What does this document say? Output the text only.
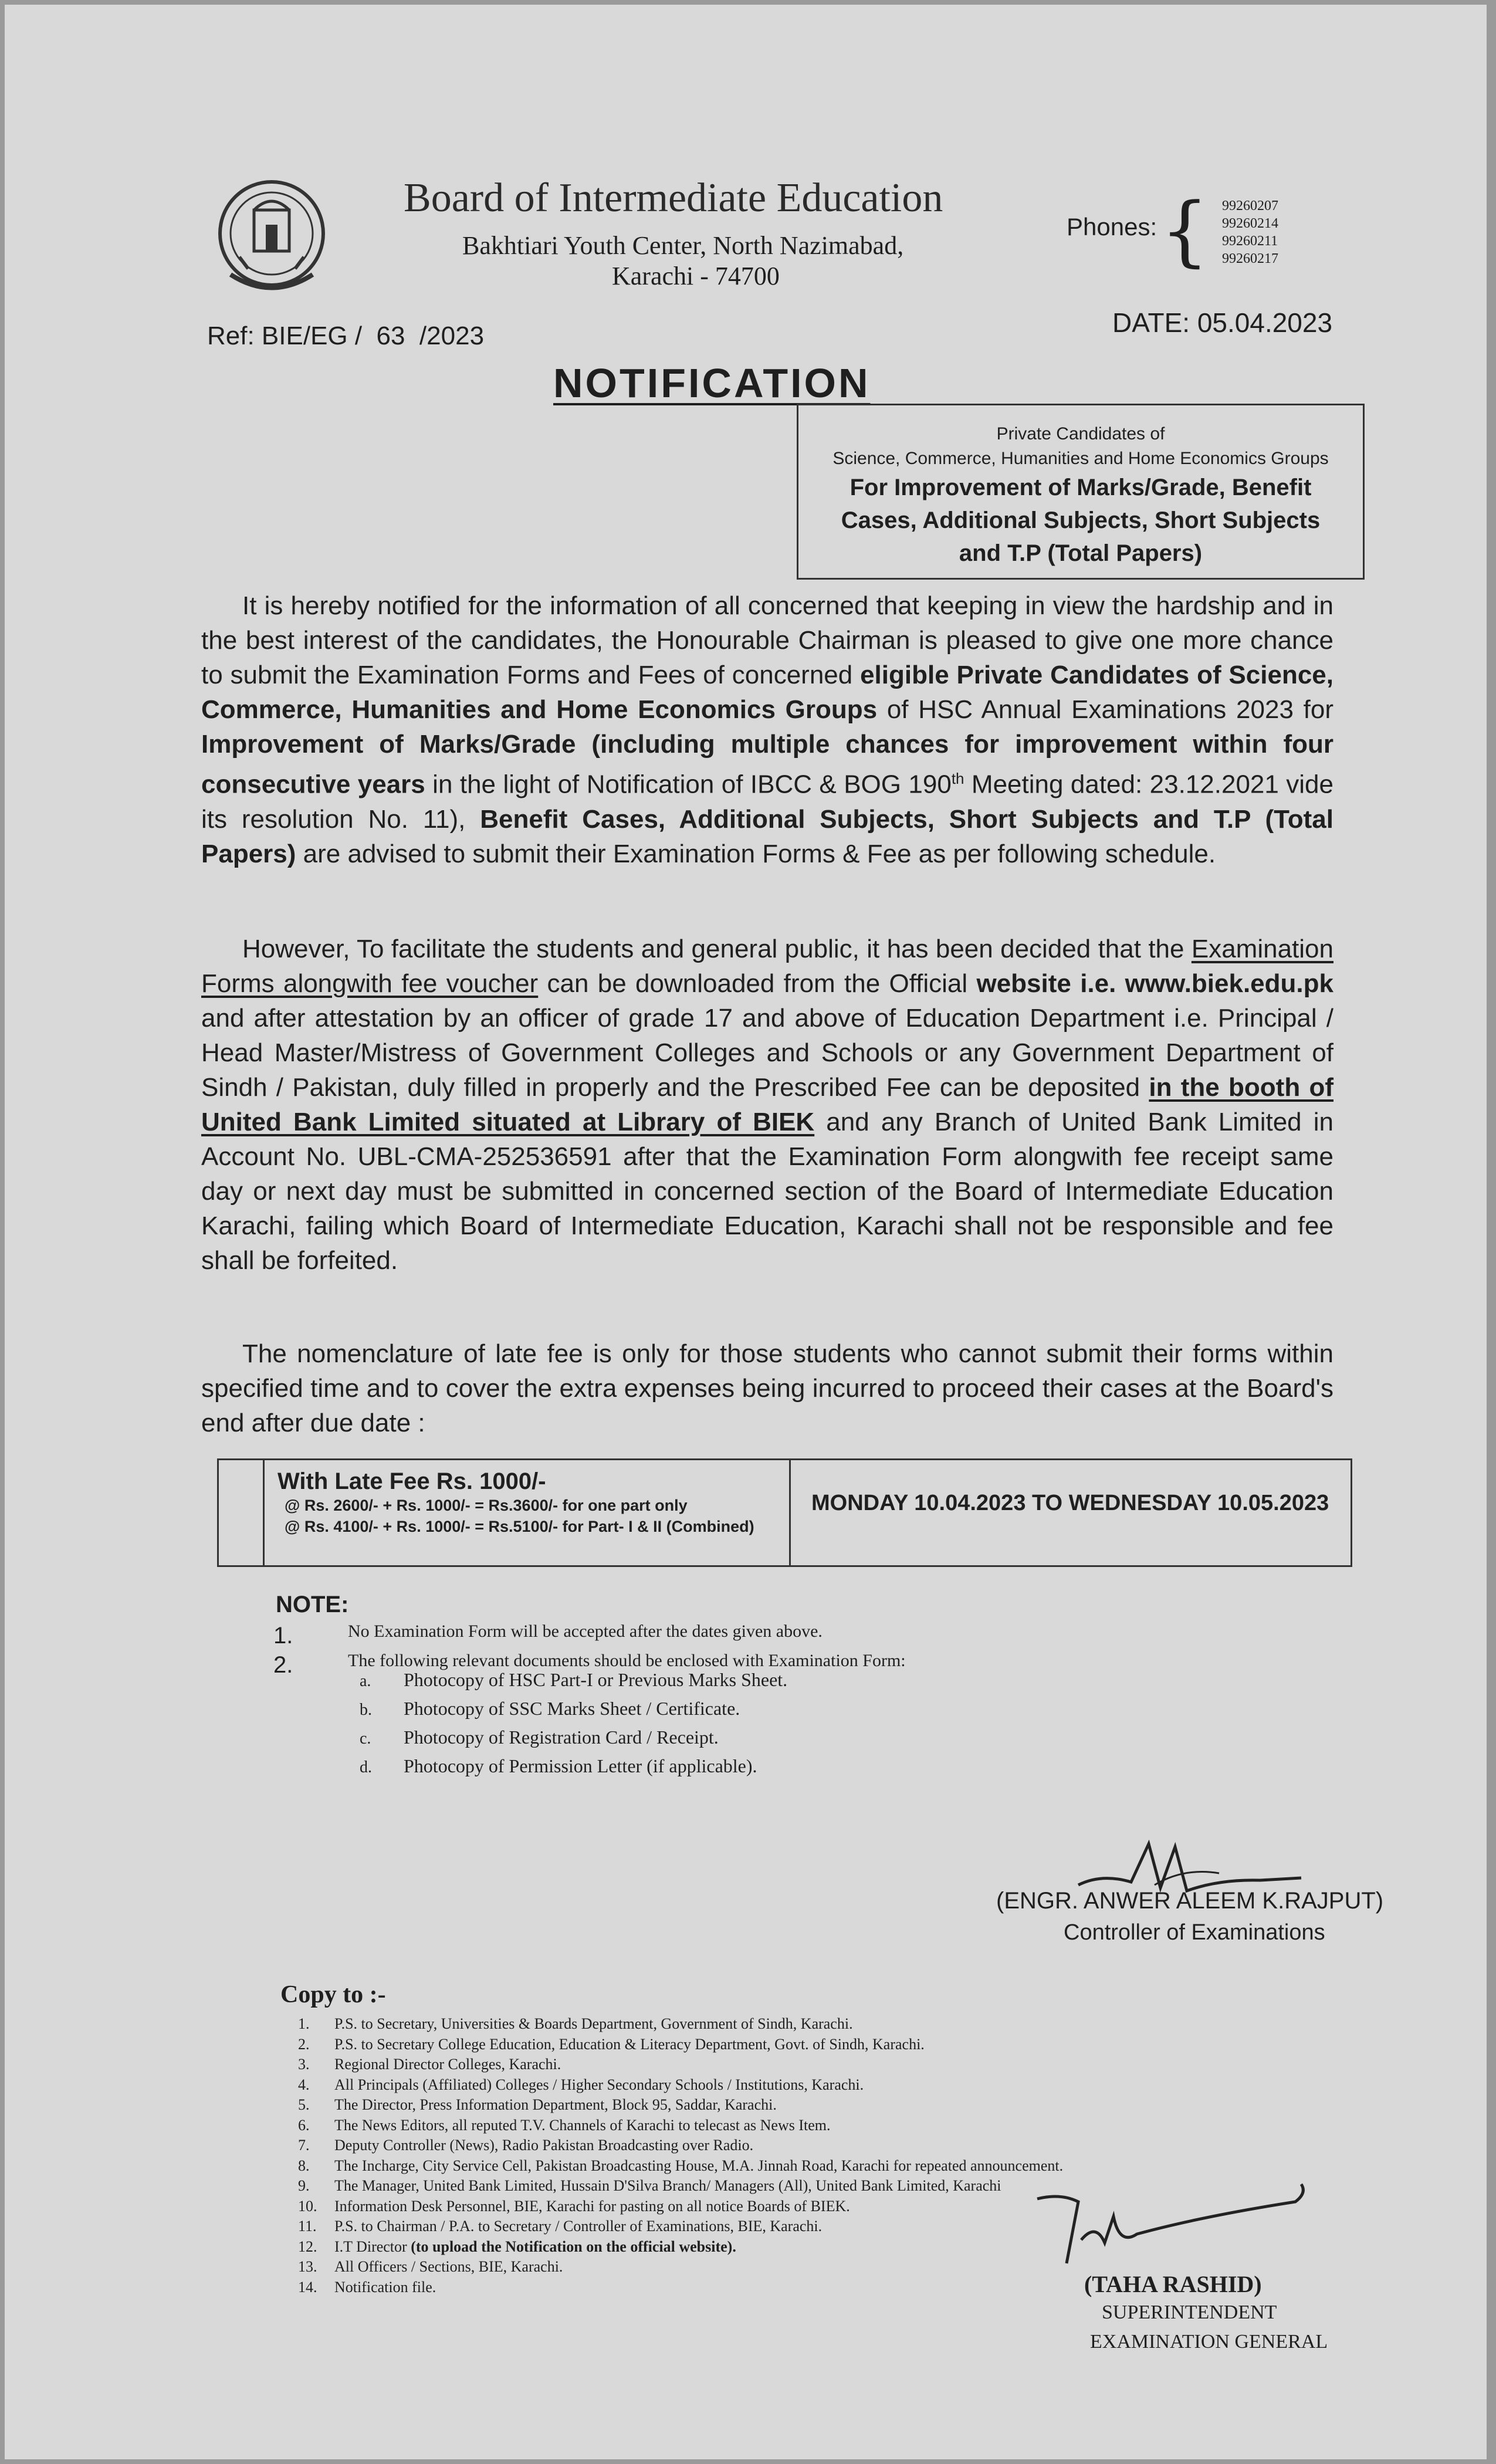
Board of Intermediate Education
Bakhtiari Youth Center, North Nazimabad,
Karachi - 74700
Phones: { 99260207
99260214
99260211
99260217
Ref: BIE/EG /  63  /2023	DATE: 05.04.2023
NOTIFICATION
Private Candidates of
Science, Commerce, Humanities and Home Economics Groups
For Improvement of Marks/Grade, Benefit
Cases, Additional Subjects, Short Subjects
and T.P (Total Papers)
It is hereby notified for the information of all concerned that keeping in view the hardship and in the best interest of the candidates, the Honourable Chairman is pleased to give one more chance to submit the Examination Forms and Fees of concerned eligible Private Candidates of Science, Commerce, Humanities and Home Economics Groups of HSC Annual Examinations 2023 for Improvement of Marks/Grade (including multiple chances for improvement within four consecutive years in the light of Notification of IBCC & BOG 190th Meeting dated: 23.12.2021 vide its resolution No. 11), Benefit Cases, Additional Subjects, Short Subjects and T.P (Total Papers) are advised to submit their Examination Forms & Fee as per following schedule.
However, To facilitate the students and general public, it has been decided that the Examination Forms alongwith fee voucher can be downloaded from the Official website i.e. www.biek.edu.pk and after attestation by an officer of grade 17 and above of Education Department i.e. Principal / Head Master/Mistress of Government Colleges and Schools or any Government Department of Sindh / Pakistan, duly filled in properly and the Prescribed Fee can be deposited in the booth of United Bank Limited situated at Library of BIEK and any Branch of United Bank Limited in Account No. UBL-CMA-252536591 after that the Examination Form alongwith fee receipt same day or next day must be submitted in concerned section of the Board of Intermediate Education Karachi, failing which Board of Intermediate Education, Karachi shall not be responsible and fee shall be forfeited.
The nomenclature of late fee is only for those students who cannot submit their forms within specified time and to cover the extra expenses being incurred to proceed their cases at the Board's end after due date :
With Late Fee Rs. 1000/-
@ Rs. 2600/- + Rs. 1000/- = Rs.3600/- for one part only
@ Rs. 4100/- + Rs. 1000/- = Rs.5100/- for Part- I & II (Combined)
MONDAY 10.04.2023 TO WEDNESDAY 10.05.2023
NOTE:
1.
2.
No Examination Form will be accepted after the dates given above.
The following relevant documents should be enclosed with Examination Form:
a. Photocopy of HSC Part-I or Previous Marks Sheet.
b. Photocopy of SSC Marks Sheet / Certificate.
c. Photocopy of Registration Card / Receipt.
d. Photocopy of Permission Letter (if applicable).
(ENGR. ANWER ALEEM K.RAJPUT)
Controller of Examinations
Copy to :-
1. P.S. to Secretary, Universities & Boards Department, Government of Sindh, Karachi.
2. P.S. to Secretary College Education, Education & Literacy Department, Govt. of Sindh, Karachi.
3. Regional Director Colleges, Karachi.
4. All Principals (Affiliated) Colleges / Higher Secondary Schools / Institutions, Karachi.
5. The Director, Press Information Department, Block 95, Saddar, Karachi.
6. The News Editors, all reputed T.V. Channels of Karachi to telecast as News Item.
7. Deputy Controller (News), Radio Pakistan Broadcasting over Radio.
8. The Incharge, City Service Cell, Pakistan Broadcasting House, M.A. Jinnah Road, Karachi for repeated announcement.
9. The Manager, United Bank Limited, Hussain D'Silva Branch/ Managers (All), United Bank Limited, Karachi
10. Information Desk Personnel, BIE, Karachi for pasting on all notice Boards of BIEK.
11. P.S. to Chairman / P.A. to Secretary / Controller of Examinations, BIE, Karachi.
12. I.T Director (to upload the Notification on the official website).
13. All Officers / Sections, BIE, Karachi.
14. Notification file.	(TAHA RASHID)
SUPERINTENDENT
EXAMINATION GENERAL
